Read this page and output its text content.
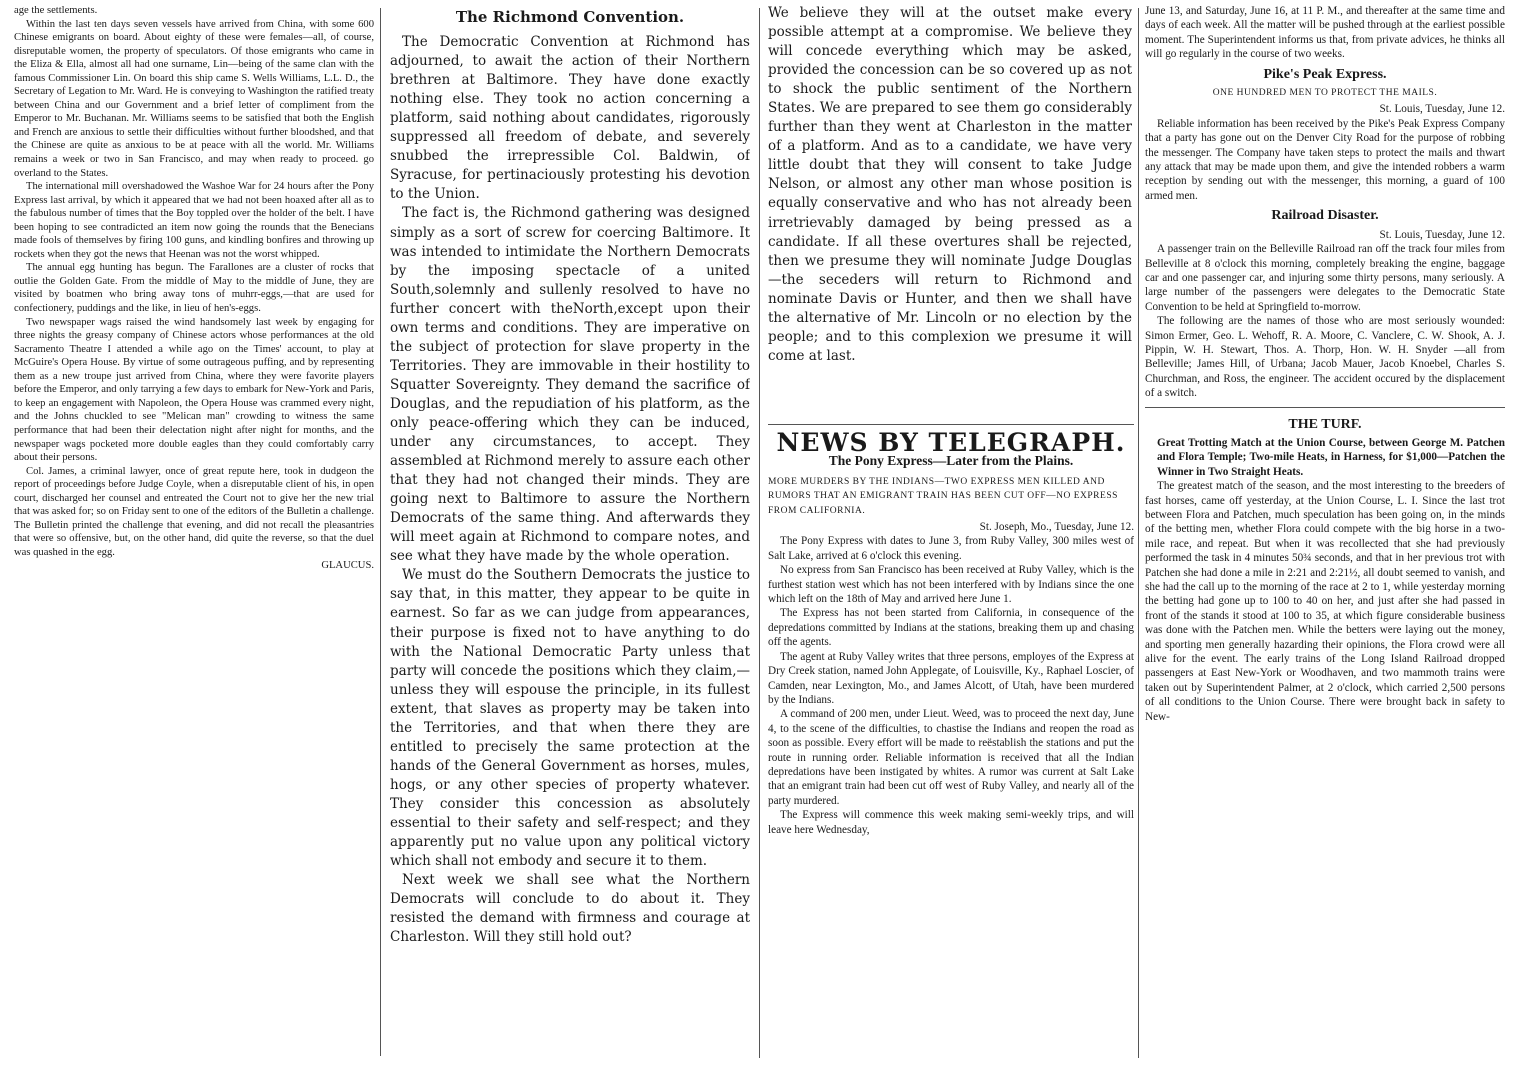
age the settlements.

Within the last ten days seven vessels have arrived from China, with some 600 Chinese emigrants on board. About eighty of these were females—all, of course, disreputable women, the property of speculators. Of those emigrants who came in the Eliza & Ella, almost all had one surname, Lin—being of the same clan with the famous Commissioner Lin. On board this ship came S. Wells Williams, L.L. D., the Secretary of Legation to Mr. Ward. He is conveying to Washington the ratified treaty between China and our Government and a brief letter of compliment from the Emperor to Mr. Buchanan. Mr. Williams seems to be satisfied that both the English and French are anxious to settle their difficulties without further bloodshed, and that the Chinese are quite as anxious to be at peace with all the world. Mr. Williams remains a week or two in San Francisco, and may when ready to proceed. go overland to the States.

The international mill overshadowed the Washoe War for 24 hours after the Pony Express last arrival, by which it appeared that we had not been hoaxed after all as to the fabulous number of times that the Boy toppled over the holder of the belt. I have been hoping to see contradicted an item now going the rounds that the Benecians made fools of themselves by firing 100 guns, and kindling bonfires and throwing up rockets when they got the news that Heenan was not the worst whipped.

The annual egg hunting has begun. The Farallones are a cluster of rocks that outlie the Golden Gate. From the middle of May to the middle of June, they are visited by boatmen who bring away tons of muhrr-eggs,—that are used for confectionery, puddings and the like, in lieu of hen's-eggs.

Two newspaper wags raised the wind handsomely last week by engaging for three nights the greasy company of Chinese actors whose performances at the old Sacramento Theatre I attended a while ago on the Times' account, to play at McGuire's Opera House. By virtue of some outrageous puffing, and by representing them as a new troupe just arrived from China, where they were favorite players before the Emperor, and only tarrying a few days to embark for New-York and Paris, to keep an engagement with Napoleon, the Opera House was crammed every night, and the Johns chuckled to see "Melican man" crowding to witness the same performance that had been their delectation night after night for months, and the newspaper wags pocketed more double eagles than they could comfortably carry about their persons.

Col. James, a criminal lawyer, once of great repute here, took in dudgeon the report of proceedings before Judge Coyle, when a disreputable client of his, in open court, discharged her counsel and entreated the Court not to give her the new trial that was asked for; so on Friday sent to one of the editors of the Bulletin a challenge. The Bulletin printed the challenge that evening, and did not recall the pleasantries that were so offensive, but, on the other hand, did quite the reverse, so that the duel was quashed in the egg.

GLAUCUS.

The Richmond Convention.

The Democratic Convention at Richmond has adjourned, to await the action of their Northern brethren at Baltimore. They have done exactly nothing else. They took no action concerning a platform, said nothing about candidates, rigorously suppressed all freedom of debate, and severely snubbed the irrepressible Col. Baldwin, of Syracuse, for pertinaciously protesting his devotion to the Union.

The fact is, the Richmond gathering was designed simply as a sort of screw for coercing Baltimore. It was intended to intimidate the Northern Democrats by the imposing spectacle of a united South,solemnly and sullenly resolved to have no further concert with theNorth,except upon their own terms and conditions. They are imperative on the subject of protection for slave property in the Territories. They are immovable in their hostility to Squatter Sovereignty. They demand the sacrifice of Douglas, and the repudiation of his platform, as the only peace-offering which they can be induced, under any circumstances, to accept. They assembled at Richmond merely to assure each other that they had not changed their minds. They are going next to Baltimore to assure the Northern Democrats of the same thing. And afterwards they will meet again at Richmond to compare notes, and see what they have made by the whole operation.

We must do the Southern Democrats the justice to say that, in this matter, they appear to be quite in earnest. So far as we can judge from appearances, their purpose is fixed not to have anything to do with the National Democratic Party unless that party will concede the positions which they claim,—unless they will espouse the principle, in its fullest extent, that slaves as property may be taken into the Territories, and that when there they are entitled to precisely the same protection at the hands of the General Government as horses, mules, hogs, or any other species of property whatever. They consider this concession as absolutely essential to their safety and self-respect; and they apparently put no value upon any political victory which shall not embody and secure it to them.

Next week we shall see what the Northern Democrats will conclude to do about it. They resisted the demand with firmness and courage at Charleston. Will they still hold out?

We believe they will at the outset make every possible attempt at a compromise. We believe they will concede everything which may be asked, provided the concession can be so covered up as not to shock the public sentiment of the Northern States. We are prepared to see them go considerably further than they went at Charleston in the matter of a platform. And as to a candidate, we have very little doubt that they will consent to take Judge Nelson, or almost any other man whose position is equally conservative and who has not already been irretrievably damaged by being pressed as a candidate. If all these overtures shall be rejected, then we presume they will nominate Judge Douglas—the seceders will return to Richmond and nominate Davis or Hunter, and then we shall have the alternative of Mr. Lincoln or no election by the people; and to this complexion we presume it will come at last.

NEWS BY TELEGRAPH.

The Pony Express—Later from the Plains.

MORE MURDERS BY THE INDIANS—TWO EXPRESS MEN KILLED AND RUMORS THAT AN EMIGRANT TRAIN HAS BEEN CUT OFF—NO EXPRESS FROM CALIFORNIA.

St. Joseph, Mo., Tuesday, June 12.

The Pony Express with dates to June 3, from Ruby Valley, 300 miles west of Salt Lake, arrived at 6 o'clock this evening.

No express from San Francisco has been received at Ruby Valley, which is the furthest station west which has not been interfered with by Indians since the one which left on the 18th of May and arrived here June 1.

The Express has not been started from California, in consequence of the depredations committed by Indians at the stations, breaking them up and chasing off the agents.

The agent at Ruby Valley writes that three persons, employes of the Express at Dry Creek station, named John Applegate, of Louisville, Ky., Raphael Loscier, of Camden, near Lexington, Mo., and James Alcott, of Utah, have been murdered by the Indians.

A command of 200 men, under Lieut. Weed, was to proceed the next day, June 4, to the scene of the difficulties, to chastise the Indians and reopen the road as soon as possible. Every effort will be made to reëstablish the stations and put the route in running order. Reliable information is received that all the Indian depredations have been instigated by whites. A rumor was current at Salt Lake that an emigrant train had been cut off west of Ruby Valley, and nearly all of the party murdered.

The Express will commence this week making semi-weekly trips, and will leave here Wednesday,

June 13, and Saturday, June 16, at 11 P. M., and thereafter at the same time and days of each week. All the matter will be pushed through at the earliest possible moment. The Superintendent informs us that, from private advices, he thinks all will go regularly in the course of two weeks.

Pike's Peak Express.

ONE HUNDRED MEN TO PROTECT THE MAILS.

St. Louis, Tuesday, June 12.

Reliable information has been received by the Pike's Peak Express Company that a party has gone out on the Denver City Road for the purpose of robbing the messenger. The Company have taken steps to protect the mails and thwart any attack that may be made upon them, and give the intended robbers a warm reception by sending out with the messenger, this morning, a guard of 100 armed men.

Railroad Disaster.

St. Louis, Tuesday, June 12.

A passenger train on the Belleville Railroad ran off the track four miles from Belleville at 8 o'clock this morning, completely breaking the engine, baggage car and one passenger car, and injuring some thirty persons, many seriously. A large number of the passengers were delegates to the Democratic State Convention to be held at Springfield to-morrow.

The following are the names of those who are most seriously wounded: Simon Ermer, Geo. L. Wehoff, R. A. Moore, C. Vanclere, C. W. Shook, A. J. Pippin, W. H. Stewart, Thos. A. Thorp, Hon. W. H. Snyder —all from Belleville; James Hill, of Urbana; Jacob Mauer, Jacob Knoebel, Charles S. Churchman, and Ross, the engineer. The accident occured by the displacement of a switch.

THE TURF.

Great Trotting Match at the Union Course, between George M. Patchen and Flora Temple; Two-mile Heats, in Harness, for $1,000—Patchen the Winner in Two Straight Heats.

The greatest match of the season, and the most interesting to the breeders of fast horses, came off yesterday, at the Union Course, L. I. Since the last trot between Flora and Patchen, much speculation has been going on, in the minds of the betting men, whether Flora could compete with the big horse in a two-mile race, and repeat. But when it was recollected that she had previously performed the task in 4 minutes 50¾ seconds, and that in her previous trot with Patchen she had done a mile in 2:21 and 2:21½, all doubt seemed to vanish, and she had the call up to the morning of the race at 2 to 1, while yesterday morning the betting had gone up to 100 to 40 on her, and just after she had passed in front of the stands it stood at 100 to 35, at which figure considerable business was done with the Patchen men. While the betters were laying out the money, and sporting men generally hazarding their opinions, the Flora crowd were all alive for the event. The early trains of the Long Island Railroad dropped passengers at East New-York or Woodhaven, and two mammoth trains were taken out by Superintendent Palmer, at 2 o'clock, which carried 2,500 persons of all conditions to the Union Course. There were brought back in safety to New-
